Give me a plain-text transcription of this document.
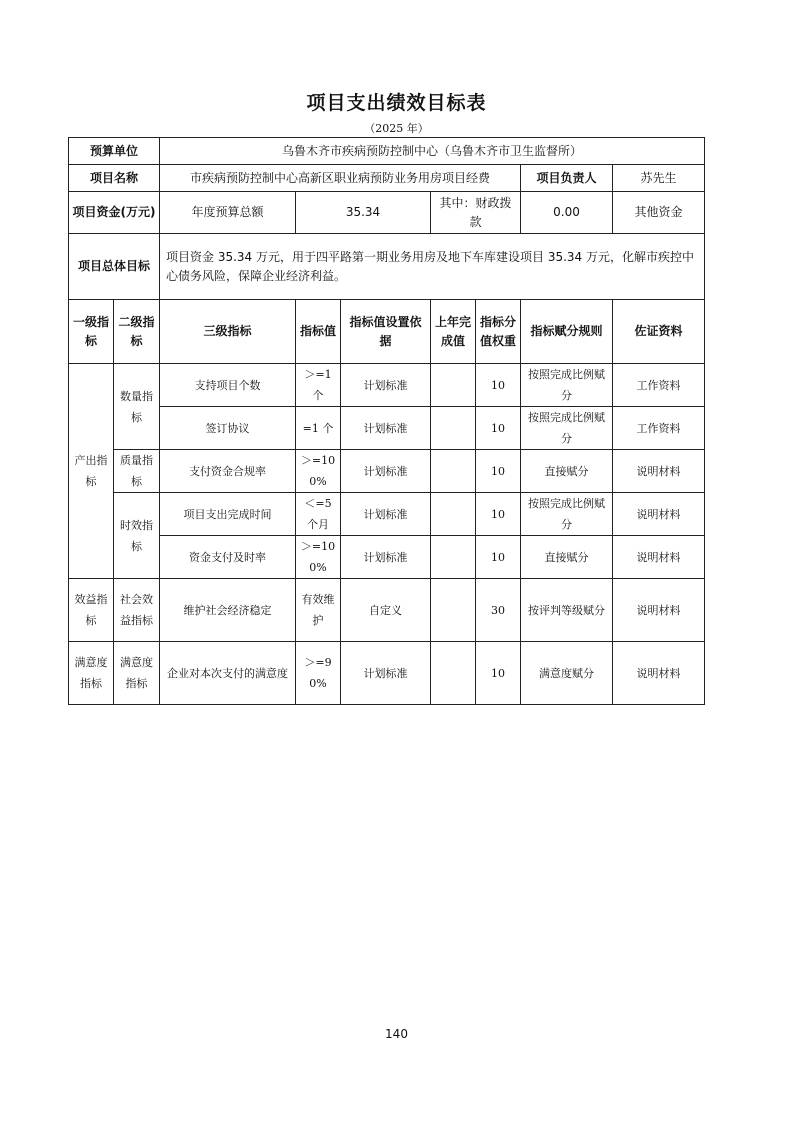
项目支出绩效目标表
（2025 年）
预算单位		乌鲁木齐市疾病预防控制中心（乌鲁木齐市卫生监督所）						
项目名称		市疾病预防控制中心高新区职业病预防业务用房项目经费					项目负责人	苏先生
项目资金(万元)		年度预算总额	35.34		其中：财政拨款		0.00	其他资金
项目总体目标		项目资金 35.34 万元，用于四平路第一期业务用房及地下车库建设项目 35.34 万元，化解市疾控中心债务风险，保障企业经济利益。						
一级指标	二级指标	三级指标	指标值	指标值设置依据	上年完成值	指标分值权重	指标赋分规则	佐证资料
产出指标	数量指标	支持项目个数	＞=1个	计划标准		10	按照完成比例赋分	工作资料
		签订协议	=1 个	计划标准		10	按照完成比例赋分	工作资料
	质量指标	支付资金合规率	＞=100%	计划标准		10	直接赋分	说明材料
	时效指标	项目支出完成时间	＜=5个月	计划标准		10	按照完成比例赋分	说明材料
		资金支付及时率	＞=100%	计划标准		10	直接赋分	说明材料
效益指标	社会效益指标	维护社会经济稳定	有效维护	自定义		30	按评判等级赋分	说明材料
满意度指标	满意度指标	企业对本次支付的满意度	＞=90%	计划标准		10	满意度赋分	说明材料
140
